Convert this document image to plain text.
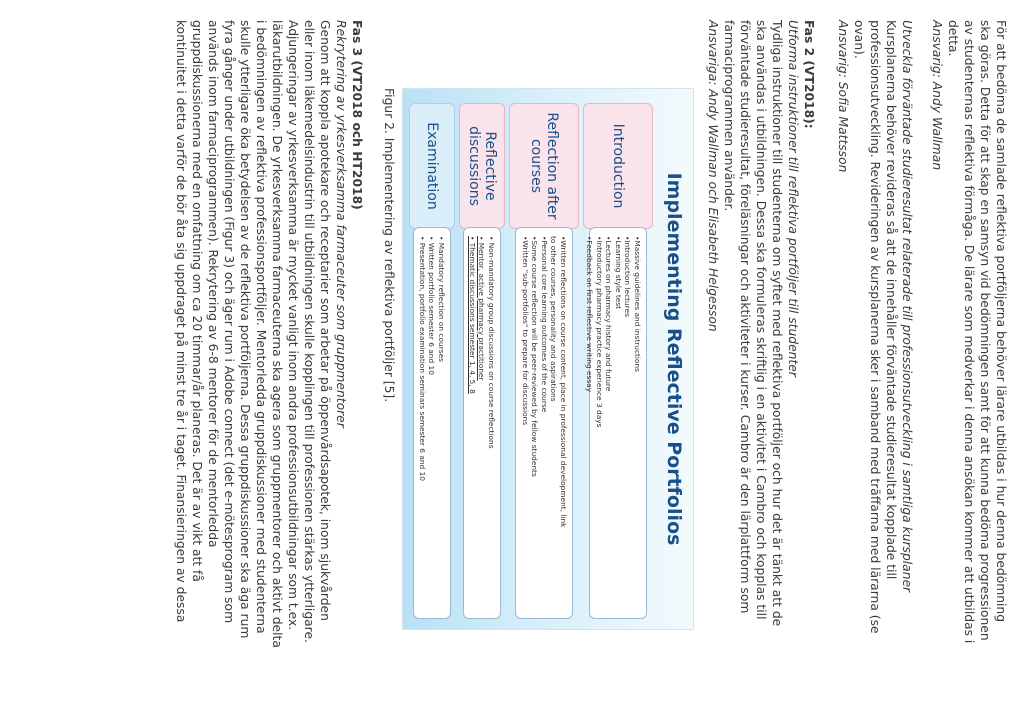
För att bedöma de samlade reflektiva portföljerna behöver lärare utbildas i hur denna bedömning
ska göras. Detta för att skap en samsyn vid bedömningen samt för att kunna bedöma progressionen
av studenternas reflektiva förmåga. De lärare som medverkar i denna ansökan kommer att utbildas i
detta.
Ansvarig: Andy Wallman
Utveckla förväntade studieresultat relaterade till professionsutveckling i samtliga kursplaner
Kursplanerna behöver revideras så att de innehåller förväntade studieresultat kopplade till
professionsutveckling. Revideringen av kursplanerna sker i samband med träffarna med lärarna (se
ovan).
Ansvarig: Sofia Mattsson
Fas 2 (VT2018):
Utforma instruktioner till reflektiva portföljer till studenter
Tydliga instruktioner till studenterna om syftet med reflektiva portföljer och hur det är tänkt att de
ska användas i utbildningen. Dessa ska formuleras skriftlig i en aktivitet i Cambro och kopplas till
förväntade studieresultat, föreläsningar och aktiviteter i kurser. Cambro är den lärplattform som
farmaciprogrammen använder.
Ansvariga: Andy Wallman och Elisabeth Helgesson
Implementing Reflective Portfolios
Introduction
•Massive guidelines and instructions
•Introduction lectures
•Learning style test
•Lectures on pharmacy history and future
•Introductory pharmacy practice experience 3 days
•Feedback on first reflective writing essay
Reflection after courses
•Written reflections on course content, place in professional development, link
to other courses, personality and aspirations
•Personal core learning outcomes of the course
•Some course reflection will be peer-reviewed by fellow students
•Written "sub-portfolios" to prepare for discussions
Reflective discussions
• Non-mandatory group discussions on course reflections
• Mentor, active pharmacy practitioner
• Thematic discussions semester 1, 4, 5, 8
Examination
• Mandatory reflection on courses
• Written portfolio semester 6 and 10
• Presentation, portfolio examination seminars semester 6 and 10
Figur 2. Implementering av reflektiva portföljer [5].
Fas 3 (VT2018 och HT2018)
Rekrytering av yrkesverksamma farmaceuter som gruppmentorer
Genom att koppla apotekare och receptarier som arbetar på öppenvårdsapotek, inom sjukvården
eller inom läkemedelsindustrin till utbildningen skulle kopplingen till professionen stärkas ytterligare.
Adjungeringar av yrkesverksamma är mycket vanligt inom andra professionsutbildningar som t.ex.
läkarutbildningen. De yrkesverksamma farmaceuterna ska agera som gruppmentorer och aktivt delta
i bedömningen av reflektiva professionsportföljer. Mentorledda gruppdiskussioner med studenterna
skulle ytterligare öka betydelsen av de reflektiva portföljerna. Dessa gruppdiskussioner ska äga rum
fyra gånger under utbildningen (Figur 3) och äger rum i Adobe connect (det e-mötesprogram som
används inom farmaciprogrammen). Rekrytering av 6-8 mentorer för de mentorledda
gruppdiskussionerna med en omfattning om ca 20 timmar/år planeras. Det är av vikt att få
kontinuitet i detta varför de bör åta sig uppdraget på minst tre år i taget. Finansieringen av dessa
